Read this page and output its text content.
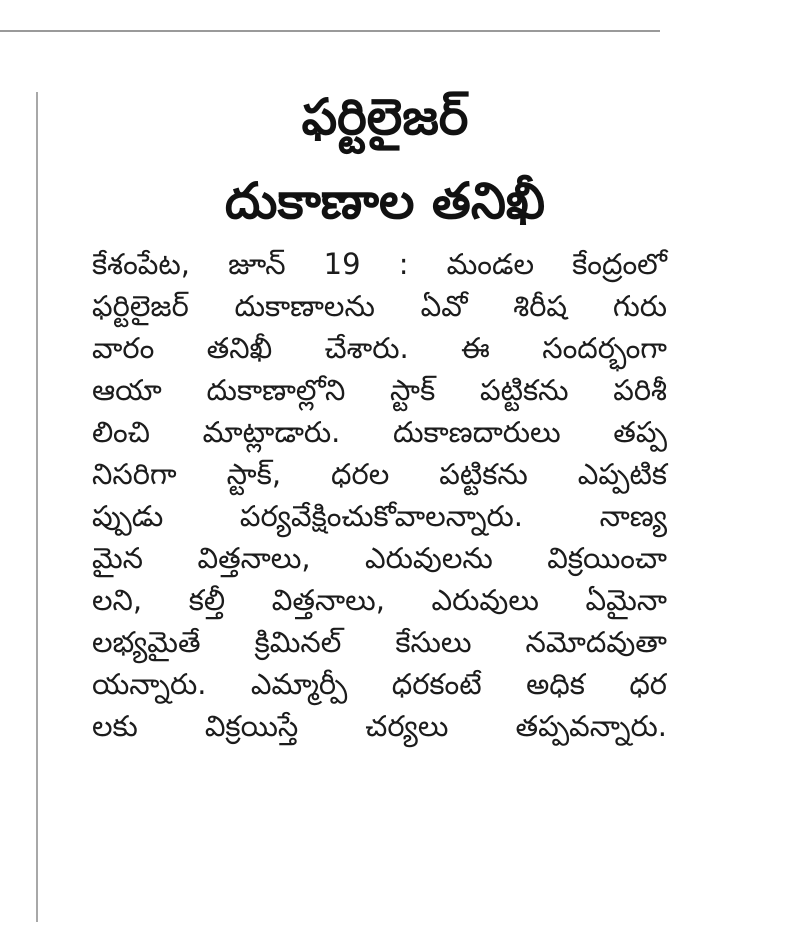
ఫర్టిలైజర్
దుకాణాల తనిఖీ
కేశంపేట, జూన్ 19 : మండల కేంద్రంలో
ఫర్టిలైజర్ దుకాణాలను ఏవో శిరీష గురు
వారం తనిఖీ చేశారు. ఈ సందర్భంగా
ఆయా దుకాణాల్లోని స్టాక్ పట్టికను పరిశీ
లించి మాట్లాడారు. దుకాణదారులు తప్ప
నిసరిగా స్టాక్, ధరల పట్టికను ఎప్పటిక
ప్పుడు పర్యవేక్షించుకోవాలన్నారు. నాణ్య
మైన విత్తనాలు, ఎరువులను విక్రయించా
లని, కల్తీ విత్తనాలు, ఎరువులు ఏమైనా
లభ్యమైతే క్రిమినల్ కేసులు నమోదవుతా
యన్నారు. ఎమ్మార్పీ ధరకంటే అధిక ధర
లకు విక్రయిస్తే చర్యలు తప్పవన్నారు.
